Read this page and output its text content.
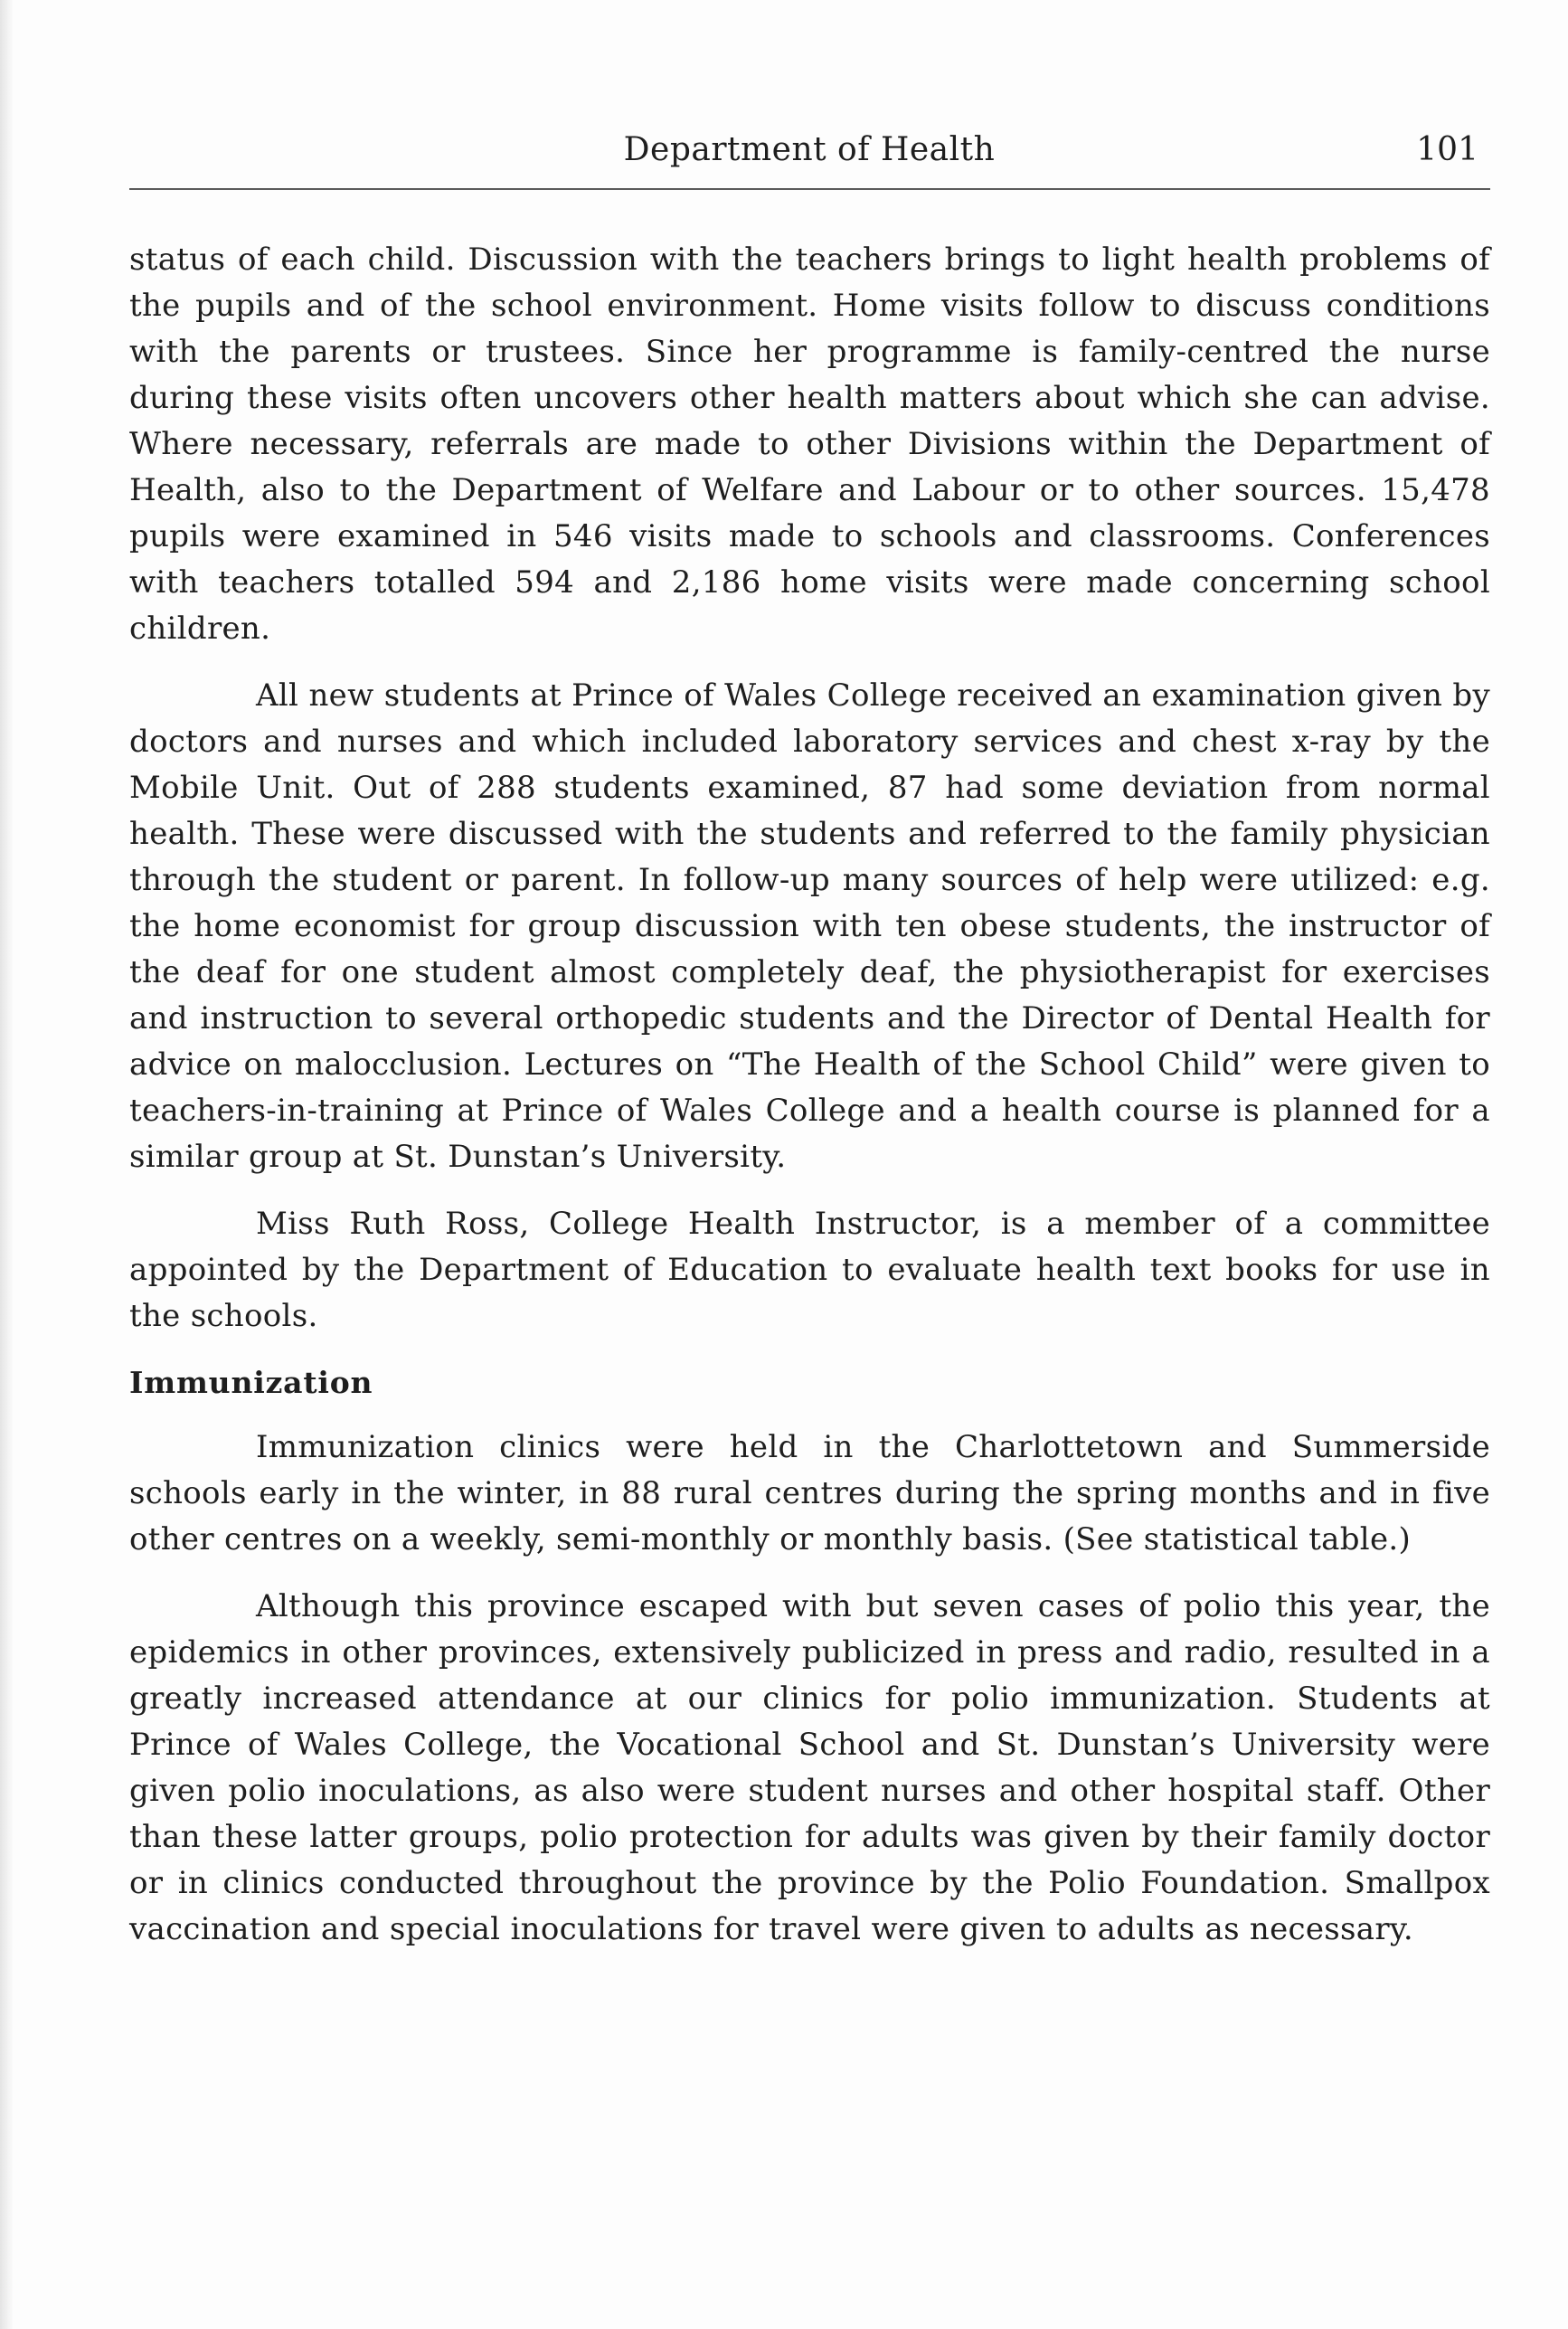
Department of Health	101

status of each child. Discussion with the teachers brings to light health problems of the pupils and of the school environment. Home visits follow to discuss conditions with the parents or trustees. Since her programme is family-centred the nurse during these visits often uncovers other health matters about which she can advise. Where necessary, referrals are made to other Divisions within the Department of Health, also to the Department of Welfare and Labour or to other sources. 15,478 pupils were examined in 546 visits made to schools and classrooms. Conferences with teachers totalled 594 and 2,186 home visits were made concerning school children.

All new students at Prince of Wales College received an examination given by doctors and nurses and which included laboratory services and chest x-ray by the Mobile Unit. Out of 288 students examined, 87 had some deviation from normal health. These were discussed with the students and referred to the family physician through the student or parent. In follow-up many sources of help were utilized: e.g. the home economist for group discussion with ten obese students, the instructor of the deaf for one student almost completely deaf, the physiotherapist for exercises and instruction to several orthopedic students and the Director of Dental Health for advice on malocclusion. Lectures on “The Health of the School Child” were given to teachers-in-training at Prince of Wales College and a health course is planned for a similar group at St. Dunstan’s University.

Miss Ruth Ross, College Health Instructor, is a member of a committee appointed by the Department of Education to evaluate health text books for use in the schools.

Immunization

Immunization clinics were held in the Charlottetown and Summerside schools early in the winter, in 88 rural centres during the spring months and in five other centres on a weekly, semi-monthly or monthly basis. (See statistical table.)

Although this province escaped with but seven cases of polio this year, the epidemics in other provinces, extensively publicized in press and radio, resulted in a greatly increased attendance at our clinics for polio immunization. Students at Prince of Wales College, the Vocational School and St. Dunstan’s University were given polio inoculations, as also were student nurses and other hospital staff. Other than these latter groups, polio protection for adults was given by their family doctor or in clinics conducted throughout the province by the Polio Foundation. Smallpox vaccination and special inoculations for travel were given to adults as necessary.
